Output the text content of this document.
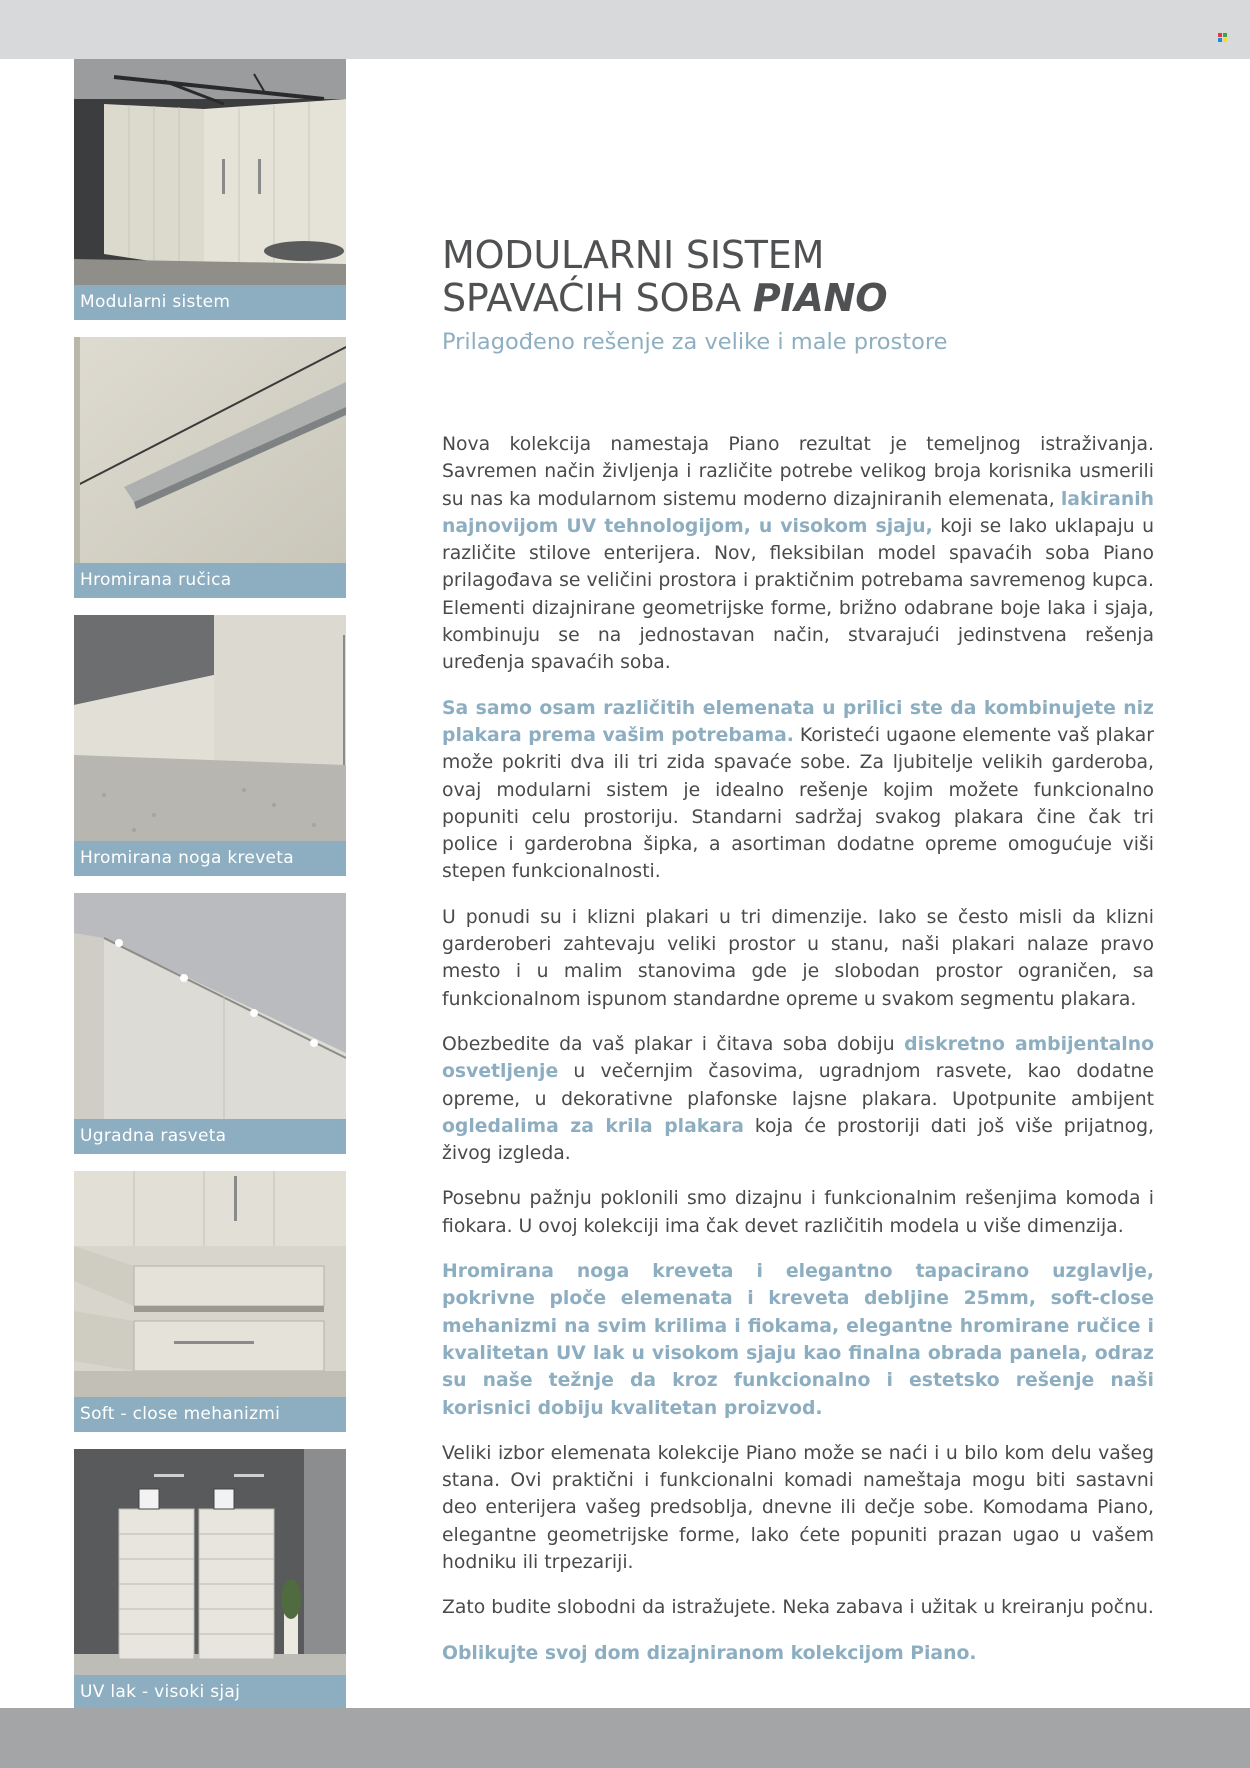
Modularni sistem
Hromirana ručica
Hromirana noga kreveta
Ugradna rasveta
Soft - close mehanizmi
UV lak - visoki sjaj
MODULARNI SISTEM
SPAVAĆIH SOBA PIANO
Prilagođeno rešenje za velike i male prostore

Nova kolekcija namestaja Piano rezultat je temeljnog istraživanja. Savremen način življenja i različite potrebe velikog broja korisnika usmerili su nas ka modularnom sistemu moderno dizajniranih elemenata, lakiranih najnovijom UV tehnologijom, u visokom sjaju, koji se lako uklapaju u različite stilove enterijera. Nov, fleksibilan model spavaćih soba Piano prilagođava se veličini prostora i praktičnim potrebama savremenog kupca. Elementi dizajnirane geometrijske forme, brižno odabrane boje laka i sjaja, kombinuju se na jednostavan način, stvarajući jedinstvena rešenja uređenja spavaćih soba.

Sa samo osam različitih elemenata u prilici ste da kombinujete niz plakara prema vašim potrebama. Koristeći ugaone elemente vaš plakar može pokriti dva ili tri zida spavaće sobe. Za ljubitelje velikih garderoba, ovaj modularni sistem je idealno rešenje kojim možete funkcionalno popuniti celu prostoriju. Standarni sadržaj svakog plakara čine čak tri police i garderobna šipka, a asortiman dodatne opreme omogućuje viši stepen funkcionalnosti.

U ponudi su i klizni plakari u tri dimenzije. Iako se često misli da klizni garderoberi zahtevaju veliki prostor u stanu, naši plakari nalaze pravo mesto i u malim stanovima gde je slobodan prostor ograničen, sa funkcionalnom ispunom standardne opreme u svakom segmentu plakara.

Obezbedite da vaš plakar i čitava soba dobiju diskretno ambijentalno osvetljenje u večernjim časovima, ugradnjom rasvete, kao dodatne opreme, u dekorativne plafonske lajsne plakara. Upotpunite ambijent ogledalima za krila plakara koja će prostoriji dati još više prijatnog, živog izgleda.

Posebnu pažnju poklonili smo dizajnu i funkcionalnim rešenjima komoda i fiokara. U ovoj kolekciji ima čak devet različitih modela u više dimenzija.

Hromirana noga kreveta i elegantno tapacirano uzglavlje, pokrivne ploče elemenata i kreveta debljine 25mm, soft-close mehanizmi na svim krilima i fiokama, elegantne hromirane ručice i kvalitetan UV lak u visokom sjaju kao finalna obrada panela, odraz su naše težnje da kroz funkcionalno i estetsko rešenje naši korisnici dobiju kvalitetan proizvod.

Veliki izbor elemenata kolekcije Piano može se naći i u bilo kom delu vašeg stana. Ovi praktični i funkcionalni komadi nameštaja mogu biti sastavni deo enterijera vašeg predsoblja, dnevne ili dečje sobe. Komodama Piano, elegantne geometrijske forme, lako ćete popuniti prazan ugao u vašem hodniku ili trpezariji.

Zato budite slobodni da istražujete. Neka zabava i užitak u kreiranju počnu.

Oblikujte svoj dom dizajniranom kolekcijom Piano.
